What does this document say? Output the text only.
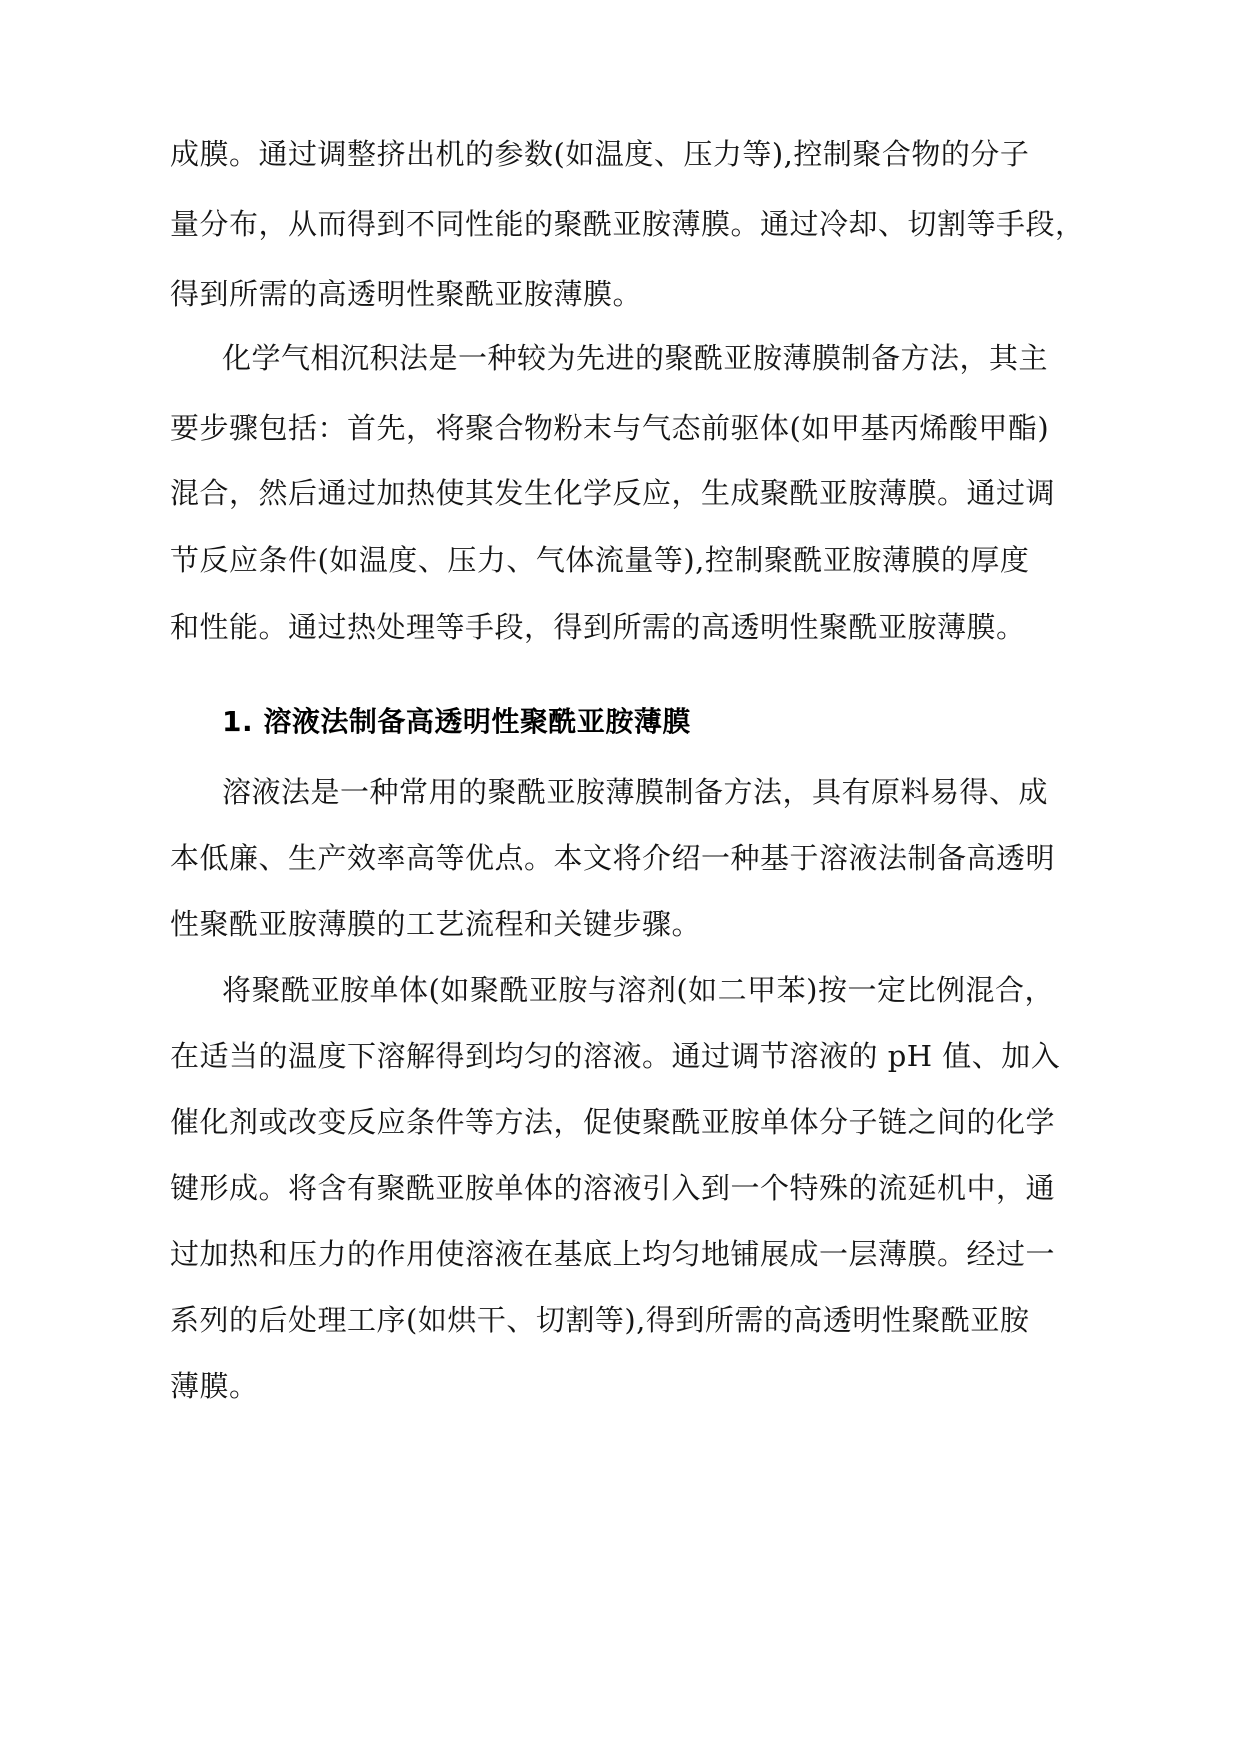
成膜。通过调整挤出机的参数(如温度、压力等),控制聚合物的分子
量分布，从而得到不同性能的聚酰亚胺薄膜。通过冷却、切割等手段，
得到所需的高透明性聚酰亚胺薄膜。
化学气相沉积法是一种较为先进的聚酰亚胺薄膜制备方法，其主
要步骤包括：首先，将聚合物粉末与气态前驱体(如甲基丙烯酸甲酯)
混合，然后通过加热使其发生化学反应，生成聚酰亚胺薄膜。通过调
节反应条件(如温度、压力、气体流量等),控制聚酰亚胺薄膜的厚度
和性能。通过热处理等手段，得到所需的高透明性聚酰亚胺薄膜。
1. 溶液法制备高透明性聚酰亚胺薄膜
溶液法是一种常用的聚酰亚胺薄膜制备方法，具有原料易得、成
本低廉、生产效率高等优点。本文将介绍一种基于溶液法制备高透明
性聚酰亚胺薄膜的工艺流程和关键步骤。
将聚酰亚胺单体(如聚酰亚胺与溶剂(如二甲苯)按一定比例混合，
在适当的温度下溶解得到均匀的溶液。通过调节溶液的 pH 值、加入
催化剂或改变反应条件等方法，促使聚酰亚胺单体分子链之间的化学
键形成。将含有聚酰亚胺单体的溶液引入到一个特殊的流延机中，通
过加热和压力的作用使溶液在基底上均匀地铺展成一层薄膜。经过一
系列的后处理工序(如烘干、切割等),得到所需的高透明性聚酰亚胺
薄膜。
